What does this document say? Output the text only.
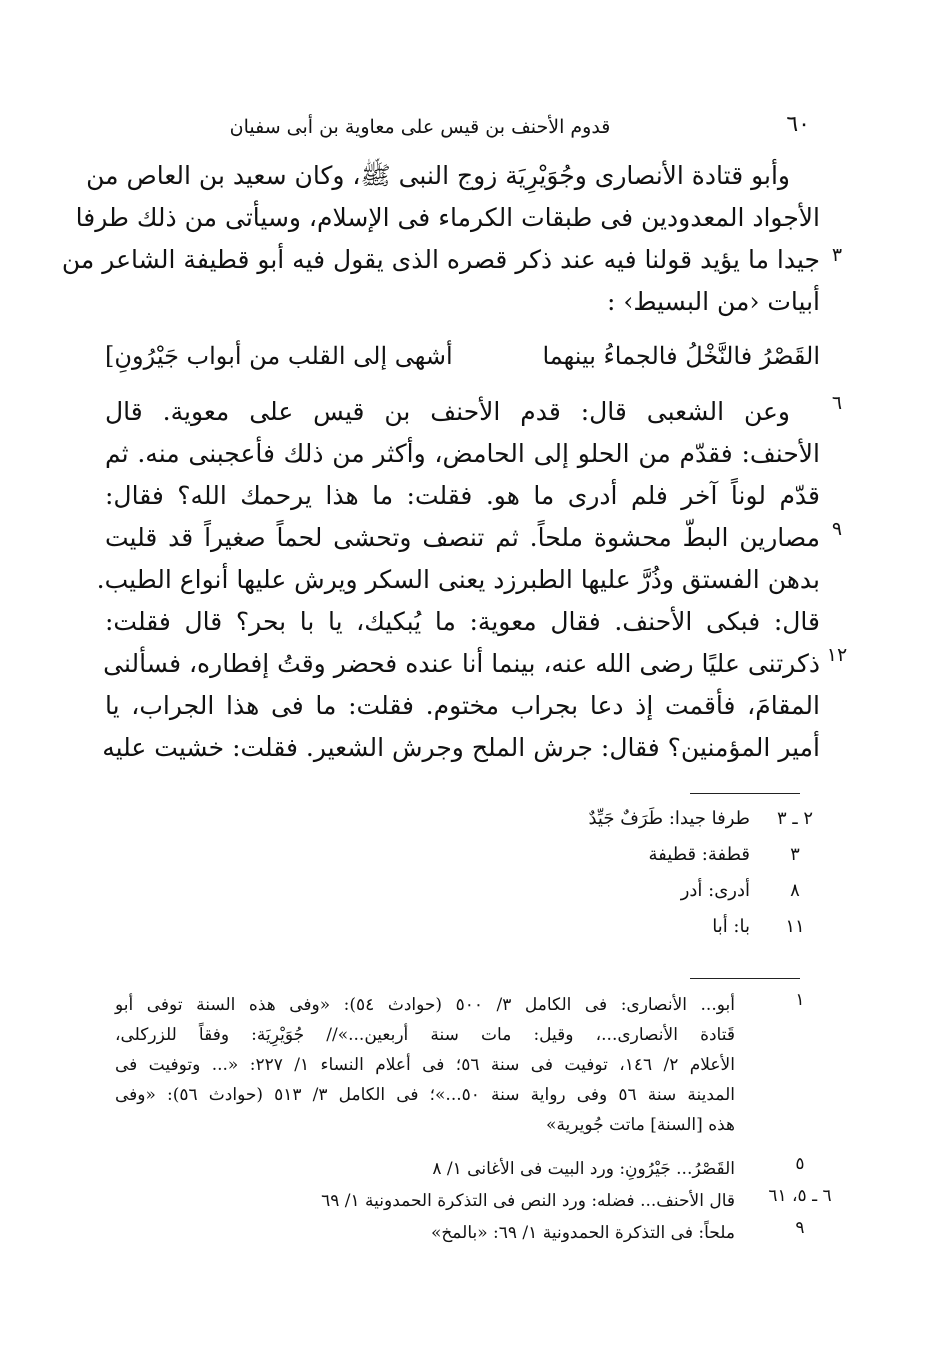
٦٠
قدوم الأحنف بن قيس على معاوية بن أبى سفيان
وأبو قتادة الأنصارى وجُوَيْرِيَة زوج النبى ﷺ، وكان سعيد بن العاص من
الأجواد المعدودين فى طبقات الكرماء فى الإسلام، وسيأتى من ذلك طرفا
جيدا ما يؤيد قولنا فيه عند ذكر قصره الذى يقول فيه أبو قطيفة الشاعر من
أبيات ‹من البسيط› :
القَصْرُ فالنَّخْلُ فالجماءُ بينهما
أشهى إلى القلب من أبواب جَيْرُونِ]
وعن الشعبى قال: قدم الأحنف بن قيس على معوية. قال
الأحنف: فقدّم من الحلو إلى الحامض، وأكثر من ذلك فأعجبنى منه. ثم
قدّم لوناً آخر فلم أدرى ما هو. فقلت: ما هذا يرحمك الله؟ فقال:
مصارين البطّ محشوة ملحاً. ثم تنصف وتحشى لحماً صغيراً قد قليت
بدهن الفستق وذُرَّ عليها الطبرزد يعنى السكر ويرش عليها أنواع الطيب.
قال: فبكى الأحنف. فقال معوية: ما يُبكيك، يا با بحر؟ قال فقلت:
ذكرتنى عليًا رضى الله عنه، بينما أنا عنده فحضر وقتُ إفطاره، فسألنى
المقامَ، فأقمت إذ دعا بجراب مختوم. فقلت: ما فى هذا الجراب، يا
أمير المؤمنين؟ فقال: جرش الملح وجرش الشعير. فقلت: خشيت عليه
٣
٦
٩
١٢
٢ ـ ٣
طرفا جيدا: طَرَفٌ جَيِّدٌ
٣
قطفة: قطيفة
٨
أدرى: أدر
١١
با: أبا
١
أبو... الأنصارى: فى الكامل ٣/ ٥٠٠ (حوادث ٥٤): «وفى هذه السنة توفى أبو
قَتادة الأنصارى...، وقيل: مات سنة أربعين...»// جُوَيْرِيَة: وفقاً للزركلى،
الأعلام ٢/ ١٤٦، توفيت فى سنة ٥٦؛ فى أعلام النساء ١/ ٢٢٧: «... وتوفيت فى
المدينة سنة ٥٦ وفى رواية سنة ٥٠...»؛ فى الكامل ٣/ ٥١٣ (حوادث ٥٦): «وفى
هذه [السنة] ماتت جُويرية»
٥
القَصْرُ... جَيْرُونِ: ورد البيت فى الأغانى ١/ ٨
٦ ـ ٥، ٦١
قال الأحنف... فضله: ورد النص فى التذكرة الحمدونية ١/ ٦٩
٩
ملحاً: فى التذكرة الحمدونية ١/ ٦٩: «بالمخ»
